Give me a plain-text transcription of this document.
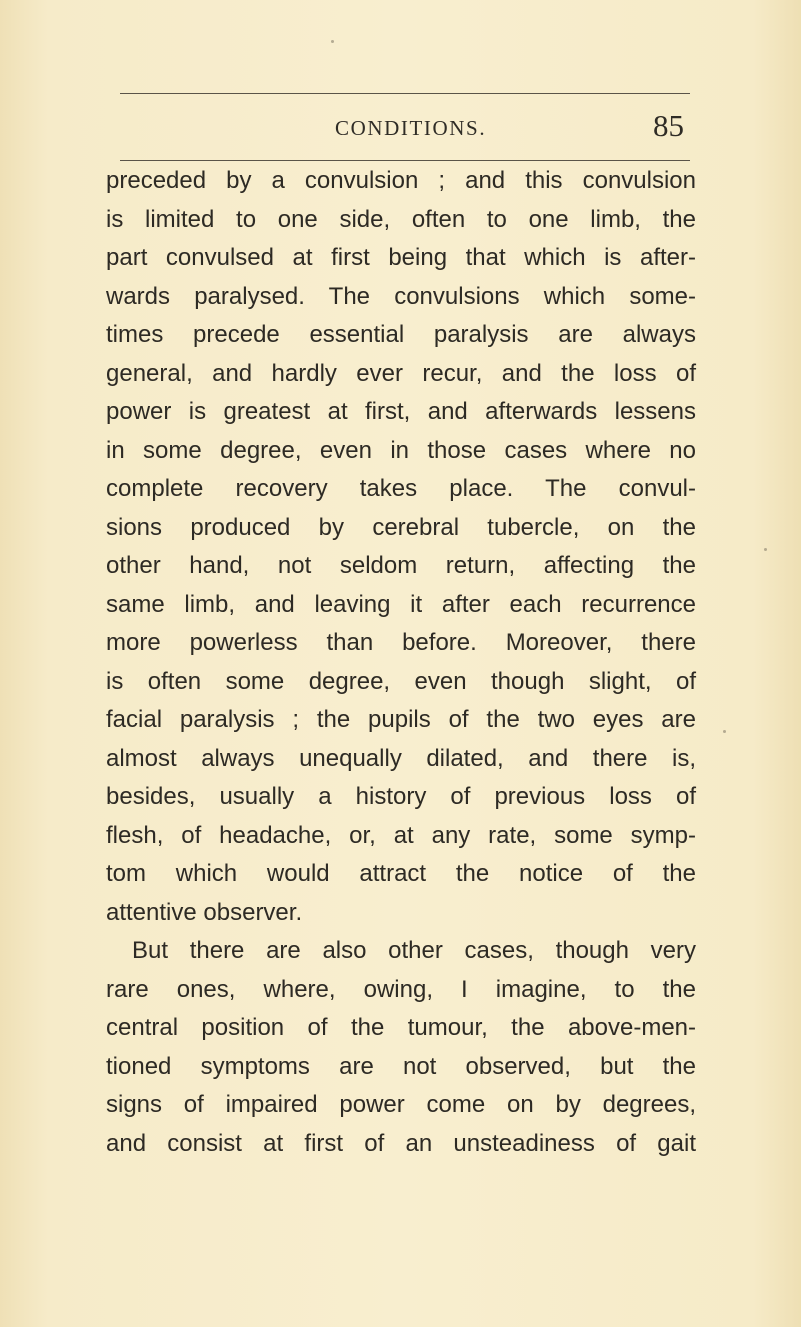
CONDITIONS.	85
preceded by a convulsion ; and this convulsion
is limited to one side, often to one limb, the
part convulsed at first being that which is after-
wards paralysed. The convulsions which some-
times precede essential paralysis are always
general, and hardly ever recur, and the loss of
power is greatest at first, and afterwards lessens
in some degree, even in those cases where no
complete recovery takes place. The convul-
sions produced by cerebral tubercle, on the
other hand, not seldom return, affecting the
same limb, and leaving it after each recurrence
more powerless than before. Moreover, there
is often some degree, even though slight, of
facial paralysis ; the pupils of the two eyes are
almost always unequally dilated, and there is,
besides, usually a history of previous loss of
flesh, of headache, or, at any rate, some symp-
tom which would attract the notice of the
attentive observer.
But there are also other cases, though very
rare ones, where, owing, I imagine, to the
central position of the tumour, the above-men-
tioned symptoms are not observed, but the
signs of impaired power come on by degrees,
and consist at first of an unsteadiness of gait
